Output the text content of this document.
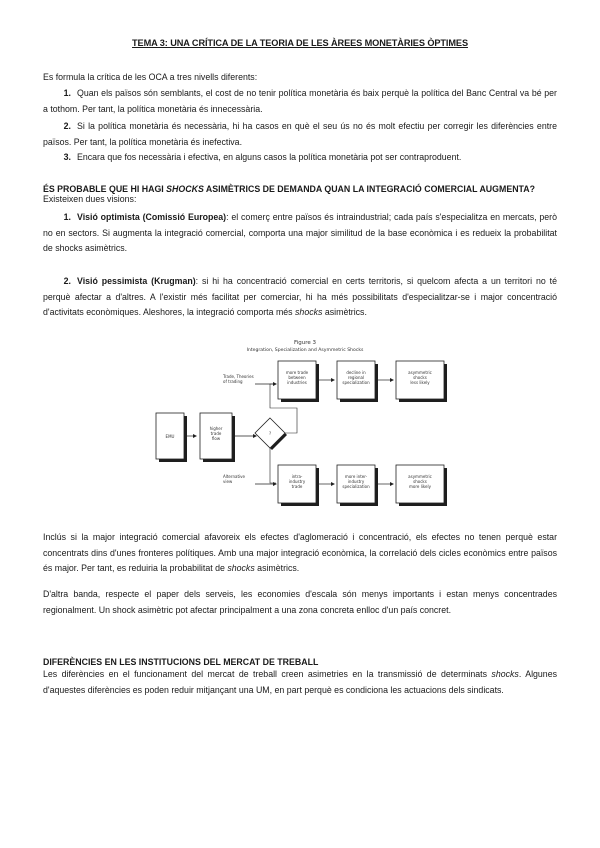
TEMA 3: UNA CRÍTICA DE LA TEORIA DE LES ÀREES MONETÀRIES ÒPTIMES

Es formula la crítica de les OCA a tres nivells diferents:

1. Quan els països són semblants, el cost de no tenir política monetària és baix perquè la política del Banc Central va bé per a tothom. Per tant, la política monetària és innecessària.

2. Si la política monetària és necessària, hi ha casos en què el seu ús no és molt efectiu per corregir les diferències entre països. Per tant, la política monetària és inefectiva.

3. Encara que fos necessària i efectiva, en alguns casos la política monetària pot ser contraproduent.

ÉS PROBABLE QUE HI HAGI SHOCKS ASIMÈTRICS DE DEMANDA QUAN LA INTEGRACIÓ COMERCIAL AUGMENTA?

Existeixen dues visions:

1. Visió optimista (Comissió Europea): el comerç entre països és intraindustrial; cada país s'especialitza en mercats, però no en sectors. Si augmenta la integració comercial, comporta una major similitud de la base econòmica i es redueix la probabilitat de shocks asimètrics.

2. Visió pessimista (Krugman): si hi ha concentració comercial en certs territoris, si quelcom afecta a un territori no té perquè afectar a d'altres. A l'existir més facilitat per comerciar, hi ha més possibilitats d'especialitzar-se i major concentració d'activitats econòmiques. Aleshores, la integració comporta més shocks asimètrics.

Figure 3
Integration, Specialization and Asymmetric Shocks
Trade, Theories
of trading
more trade
between
industries
decline in
regional
specialization
asymmetric
shocks
less likely
EMU
higher
trade
flow
?
Alternative
view
intra-
industry
trade
more inter-
industry
specialization
asymmetric
shocks
more likely

Inclús si la major integració comercial afavoreix els efectes d'aglomeració i concentració, els efectes no tenen perquè estar concentrats dins d'unes fronteres polítiques. Amb una major integració econòmica, la correlació dels cicles econòmics entre països és major. Per tant, es reduiria la probabilitat de shocks asimètrics.

D'altra banda, respecte el paper dels serveis, les economies d'escala són menys importants i estan menys concentrades regionalment. Un shock asimètric pot afectar principalment a una zona concreta enlloc d'un país concret.

DIFERÈNCIES EN LES INSTITUCIONS DEL MERCAT DE TREBALL

Les diferències en el funcionament del mercat de treball creen asimetries en la transmissió de determinats shocks. Algunes d'aquestes diferències es poden reduir mitjançant una UM, en part perquè es condiciona les actuacions dels sindicats.
